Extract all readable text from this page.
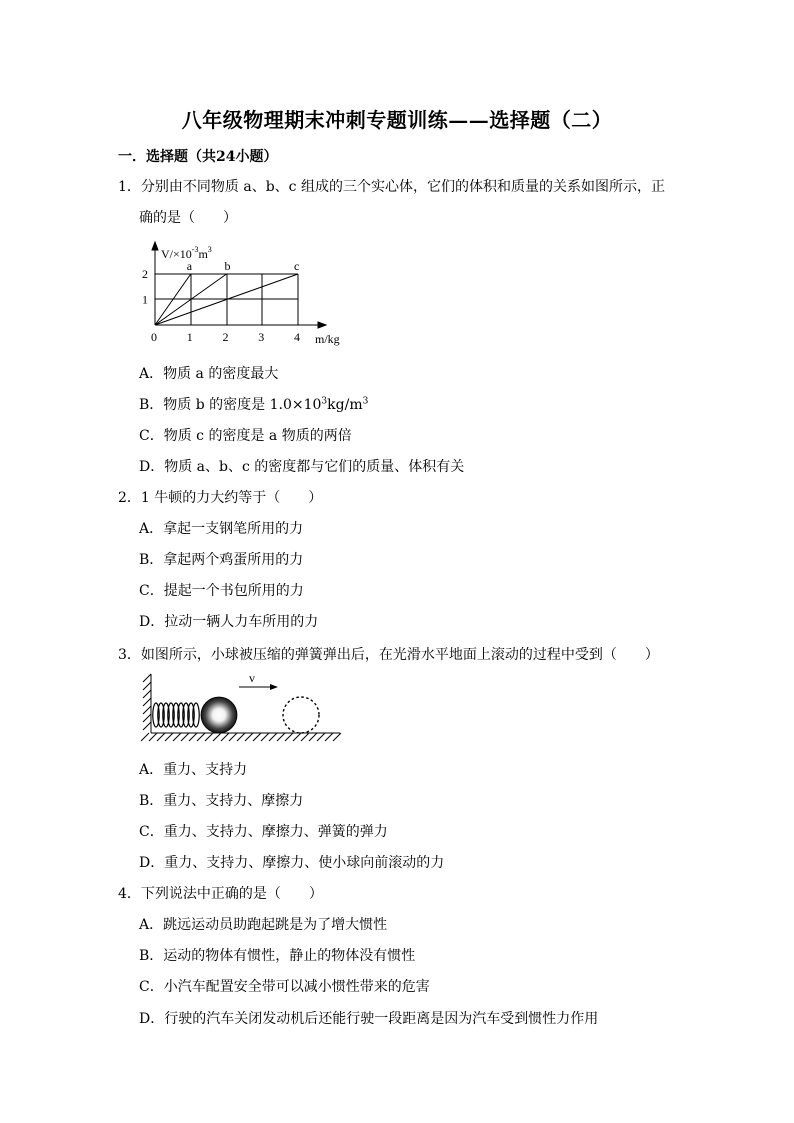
八年级物理期末冲刺专题训练——选择题（二）
一．选择题（共24小题）
1．分别由不同物质 a、b、c 组成的三个实心体，它们的体积和质量的关系如图所示，正
确的是（　　）
a	b	c
$V/\times 10^{-3}m^3$
m/kg
0 1 2 3 4
1
2
A．物质 a 的密度最大
B．物质 b 的密度是 $1.0\times 10^3kg/m^3$
C．物质 c 的密度是 a 物质的两倍
D．物质 a、b、c 的密度都与它们的质量、体积有关
2．1 牛顿的力大约等于（　　）
A．拿起一支钢笔所用的力
B．拿起两个鸡蛋所用的力
C．提起一个书包所用的力
D．拉动一辆人力车所用的力
3．如图所示，小球被压缩的弹簧弹出后，在光滑水平地面上滚动的过程中受到（　　）
v
A．重力、支持力
B．重力、支持力、摩擦力
C．重力、支持力、摩擦力、弹簧的弹力
D．重力、支持力、摩擦力、使小球向前滚动的力
4．下列说法中正确的是（　　）
A．跳远运动员助跑起跳是为了增大惯性
B．运动的物体有惯性，静止的物体没有惯性
C．小汽车配置安全带可以减小惯性带来的危害
D．行驶的汽车关闭发动机后还能行驶一段距离是因为汽车受到惯性力作用
